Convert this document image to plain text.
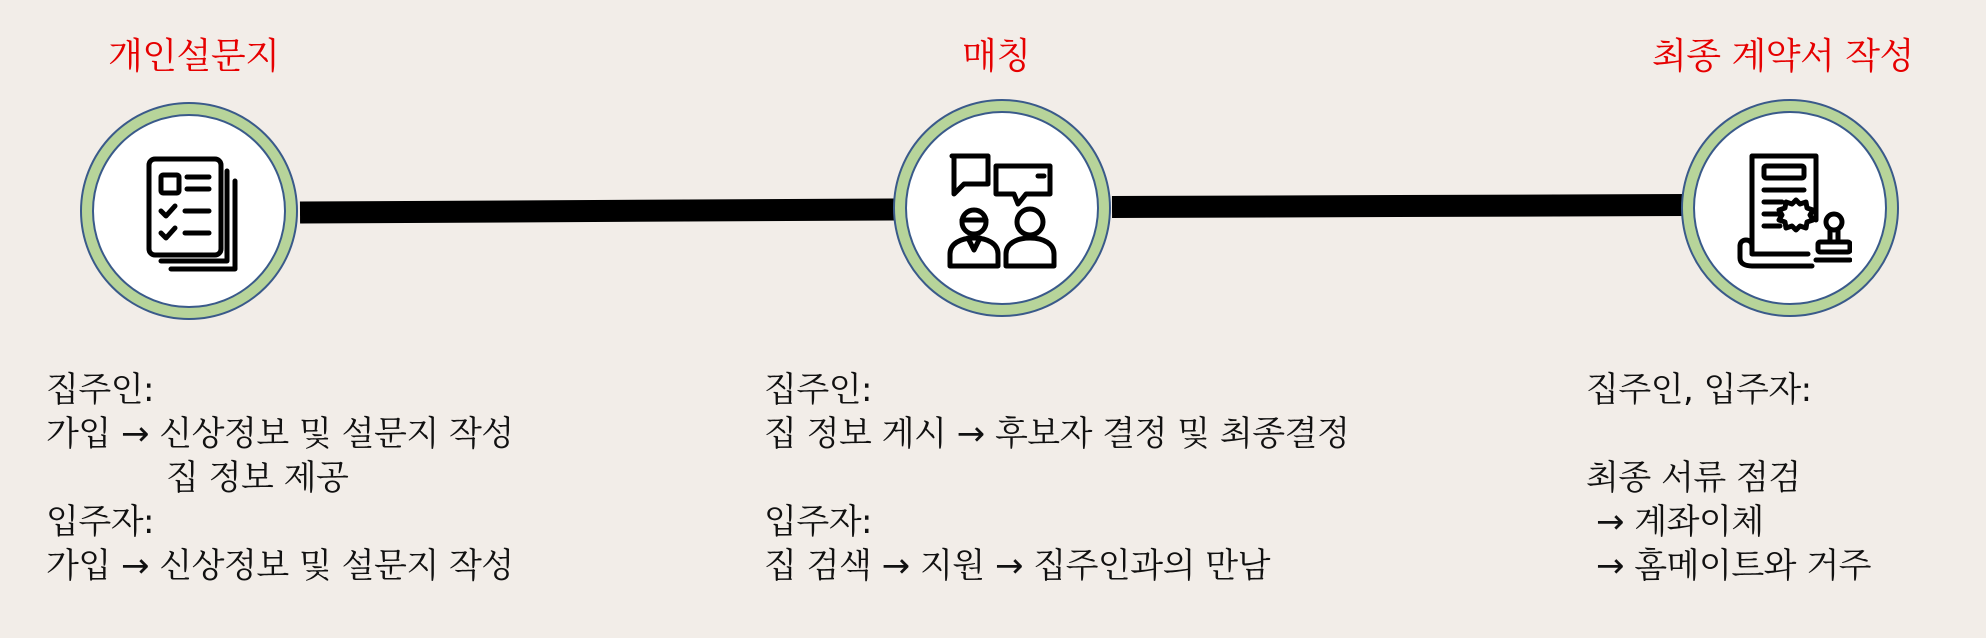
개인설문지
집주인:
가입 → 신상정보 및 설문지 작성
집 정보 제공
입주자:
가입 → 신상정보 및 설문지 작성
매칭
집주인:
집 정보 게시 → 후보자 결정 및 최종결정
입주자:
집 검색 → 지원 → 집주인과의 만남
최종 계약서 작성
집주인, 입주자:
최종 서류 점검
→ 계좌이체
→ 홈메이트와 거주
